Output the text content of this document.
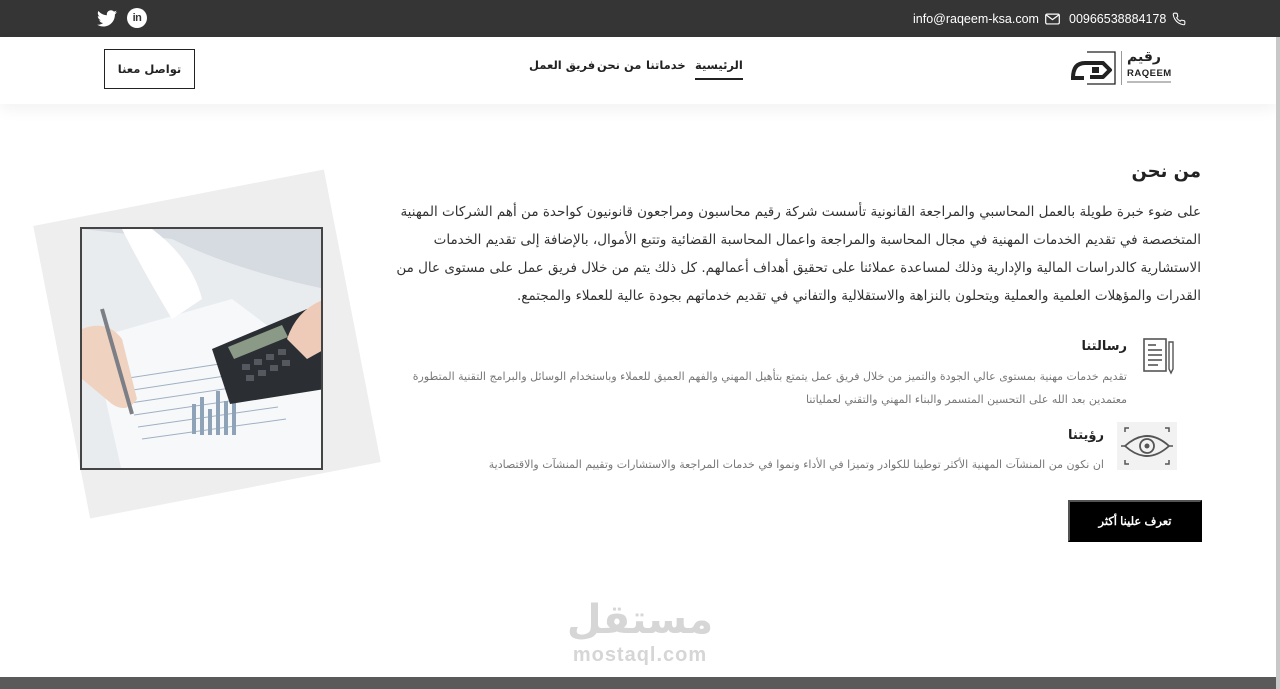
in	info@raqeem-ksa.com 00966538884178
تواصل معنا	فريق العمل من نحن خدماتنا الرئيسية	رقيم
RAQEEM
من نحن

على ضوء خبرة طويلة بالعمل المحاسبي والمراجعة القانونية تأسست شركة رقيم محاسبون ومراجعون قانونيون كواحدة من أهم الشركات المهنية المتخصصة في تقديم الخدمات المهنية في مجال المحاسبة والمراجعة واعمال المحاسبة القضائية وتتبع الأموال، بالإضافة إلى تقديم الخدمات الاستشارية كالدراسات المالية والإدارية وذلك لمساعدة عملائنا على تحقيق أهداف أعمالهم. كل ذلك يتم من خلال فريق عمل على مستوى عال من القدرات والمؤهلات العلمية والعملية ويتحلون بالنزاهة والاستقلالية والتفاني في تقديم خدماتهم بجودة عالية للعملاء والمجتمع.

رسالتنا

تقديم خدمات مهنية بمستوى عالي الجودة والتميز من خلال فريق عمل يتمتع بتأهيل المهني والفهم العميق للعملاء وباستخدام الوسائل والبرامج التقنية المتطورة معتمدين بعد الله على التحسين المتسمر والبناء المهني والتقني لعملياتنا

رؤيتنا

ان نكون من المنشآت المهنية الأكثر توطينا للكوادر وتميزا في الأداء ونموا في خدمات المراجعة والاستشارات وتقييم المنشآت والاقتصادية

تعرف علينا أكثر
مستقل
mostaql.com
